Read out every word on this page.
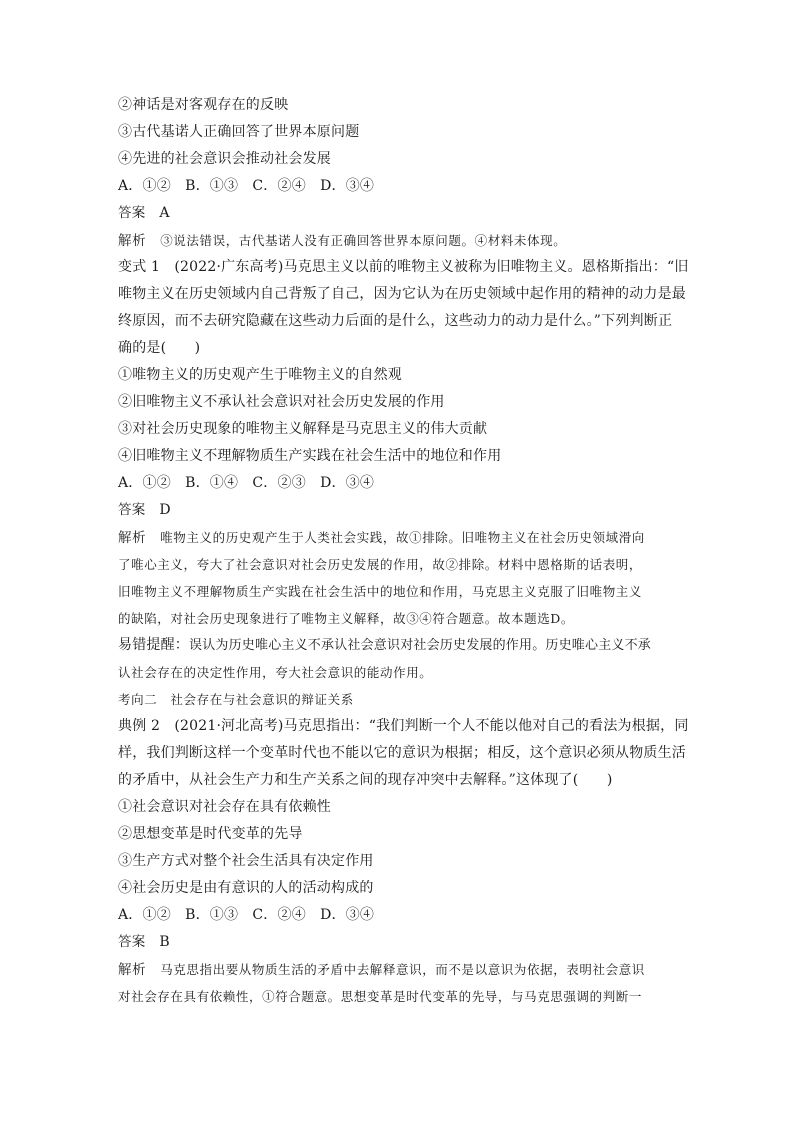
②神话是对客观存在的反映
③古代基诺人正确回答了世界本原问题
④先进的社会意识会推动社会发展
A．①②　B．①③　C．②④　D．③④
答案 A
解析 ③说法错误，古代基诺人没有正确回答世界本原问题。④材料未体现。
变式 1　(2022·广东高考)马克思主义以前的唯物主义被称为旧唯物主义。恩格斯指出：“旧
唯物主义在历史领域内自己背叛了自己，因为它认为在历史领域中起作用的精神的动力是最
终原因，而不去研究隐藏在这些动力后面的是什么，这些动力的动力是什么。”下列判断正
确的是(　　)
①唯物主义的历史观产生于唯物主义的自然观
②旧唯物主义不承认社会意识对社会历史发展的作用
③对社会历史现象的唯物主义解释是马克思主义的伟大贡献
④旧唯物主义不理解物质生产实践在社会生活中的地位和作用
A．①②　B．①④　C．②③　D．③④
答案 D
解析 唯物主义的历史观产生于人类社会实践，故①排除。旧唯物主义在社会历史领域滑向
了唯心主义，夸大了社会意识对社会历史发展的作用，故②排除。材料中恩格斯的话表明，
旧唯物主义不理解物质生产实践在社会生活中的地位和作用，马克思主义克服了旧唯物主义
的缺陷，对社会历史现象进行了唯物主义解释，故③④符合题意。故本题选D。
易错提醒：误认为历史唯心主义不承认社会意识对社会历史发展的作用。历史唯心主义不承
认社会存在的决定性作用，夸大社会意识的能动作用。
考向二　社会存在与社会意识的辩证关系
典例 2　(2021·河北高考)马克思指出：“我们判断一个人不能以他对自己的看法为根据，同
样，我们判断这样一个变革时代也不能以它的意识为根据；相反，这个意识必须从物质生活
的矛盾中，从社会生产力和生产关系之间的现存冲突中去解释。”这体现了(　　)
①社会意识对社会存在具有依赖性
②思想变革是时代变革的先导
③生产方式对整个社会生活具有决定作用
④社会历史是由有意识的人的活动构成的
A．①②　B．①③　C．②④　D．③④
答案 B
解析 马克思指出要从物质生活的矛盾中去解释意识，而不是以意识为依据，表明社会意识
对社会存在具有依赖性，①符合题意。思想变革是时代变革的先导，与马克思强调的判断一
